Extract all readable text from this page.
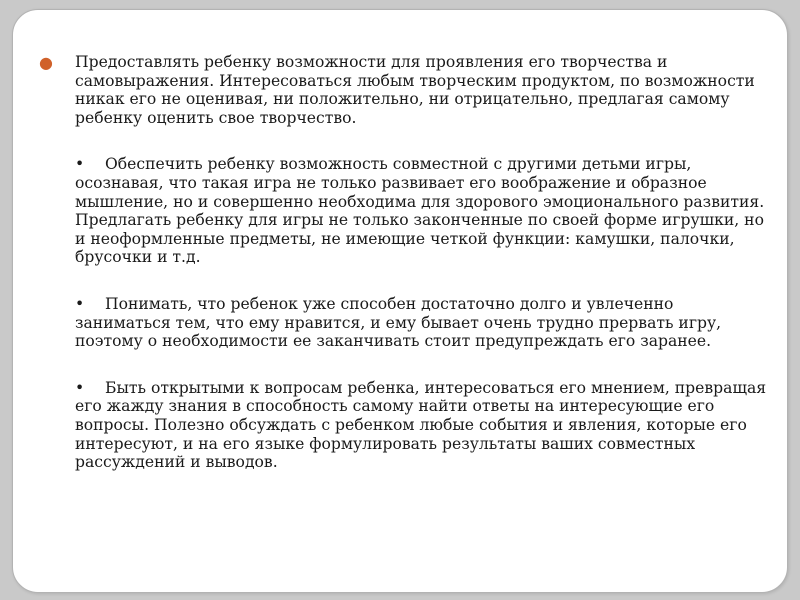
● Предоставлять ребенку возможности для проявления его творчества и самовыражения. Интересоваться любым творческим продуктом, по возможности никак его не оценивая, ни положительно, ни отрицательно, предлагая самому ребенку оценить свое творчество.

• Обеспечить ребенку возможность совместной с другими детьми игры, осознавая, что такая игра не только развивает его воображение и образное мышление, но и совершенно необходима для здорового эмоционального развития. Предлагать ребенку для игры не только законченные по своей форме игрушки, но и неоформленные предметы, не имеющие четкой функции: камушки, палочки, брусочки и т.д.

• Понимать, что ребенок уже способен достаточно долго и увлеченно заниматься тем, что ему нравится, и ему бывает очень трудно прервать игру, поэтому о необходимости ее заканчивать стоит предупреждать его заранее.

• Быть открытыми к вопросам ребенка, интересоваться его мнением, превращая его жажду знания в способность самому найти ответы на интересующие его вопросы. Полезно обсуждать с ребенком любые события и явления, которые его интересуют, и на его языке формулировать результаты ваших совместных рассуждений и выводов.
